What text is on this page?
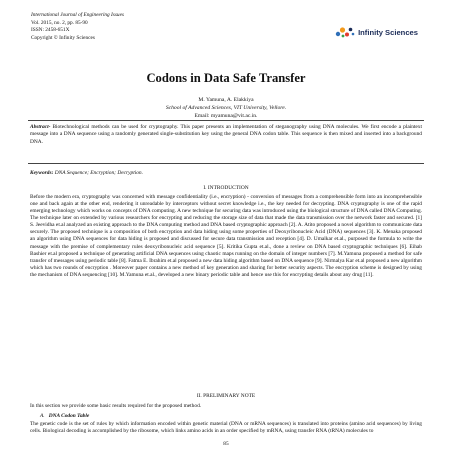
International Journal of Engineering Issues
Vol. 2015, no. 2, pp. 85-90
ISSN: 2458-651X
Copyright © Infinity Sciences
Infinity Sciences
Codons in Data Safe Transfer
M. Yamuna, A. Elakkiya
School of Advanced Sciences, VIT University, Vellore.
Email: myamuna@vit.ac.in.
Abstract- Biotechnological methods can be used for cryptography. This paper presents an implementation of steganography using DNA molecules. We first encode a plaintext message into a DNA sequence using a randomly generated single-substitution key using the general DNA codon table. This sequence is then mixed and inserted into a background DNA.
Keywords: DNA Sequence; Encryption; Decryption.
I. INTRODUCTION
Before the modern era, cryptography was concerned with message confidentiality (i.e., encryption) - conversion of messages from a comprehensible form into an incomprehensible one and back again at the other end, rendering it unreadable by interceptors without secret knowledge i.e., the key needed for decrypting. DNA cryptography is one of the rapid emerging technology which works on concepts of DNA computing. A new technique for securing data was introduced using the biological structure of DNA called DNA Computing. The technique later on extended by various researchers for encrypting and reducing the storage size of data that made the data transmission over the network faster and secured. [1] S. Jeevidha et.al analyzed an existing approach to the DNA computing method and DNA based cryptographic approach [2]. A. Atito proposed a novel algorithm to communicate data securely. The proposed technique is a composition of both encryption and data hiding using some properties of Deoxyribonucleic Acid (DNA) sequences [3]. K. Menaka proposed an algorithm using DNA sequences for data hiding is proposed and discussed for secure data transmission and reception [4]. D. Umalkar et.al., purposed the formula to write the message with the premise of complementary rules deoxyribonucleic acid sequence [5]. Kritika Gupta et.al., done a review on DNA based cryptographic techniques [6]. Eihab Bashier et.al proposed a technique of generating artificial DNA sequences using chaotic maps running on the domain of integer numbers [7]. M.Yamuna proposed a method for safe transfer of messages using periodic table [8]. Fatma E. Ibrahim et.al proposed a new data hiding algorithm based on DNA sequence [9]. Nirmalya Kar et.al proposed a new algorithm which has two rounds of encryption . Moreover paper contains a new method of key generation and sharing for better security aspects. The encryption scheme is designed by using the mechanism of DNA sequencing [10]. M.Yamuna et.al., developed a new binary periodic table and hence use this for encrypting details about any drug [11].
II. PRELIMINARY NOTE
In this section we provide some basic results required for the proposed method.
A. DNA Codon Table
The genetic code is the set of rules by which information encoded within genetic material (DNA or mRNA sequences) is translated into proteins (amino acid sequences) by living cells. Biological decoding is accomplished by the ribosome, which links amino acids in an order specified by mRNA, using transfer RNA (tRNA) molecules to
85
